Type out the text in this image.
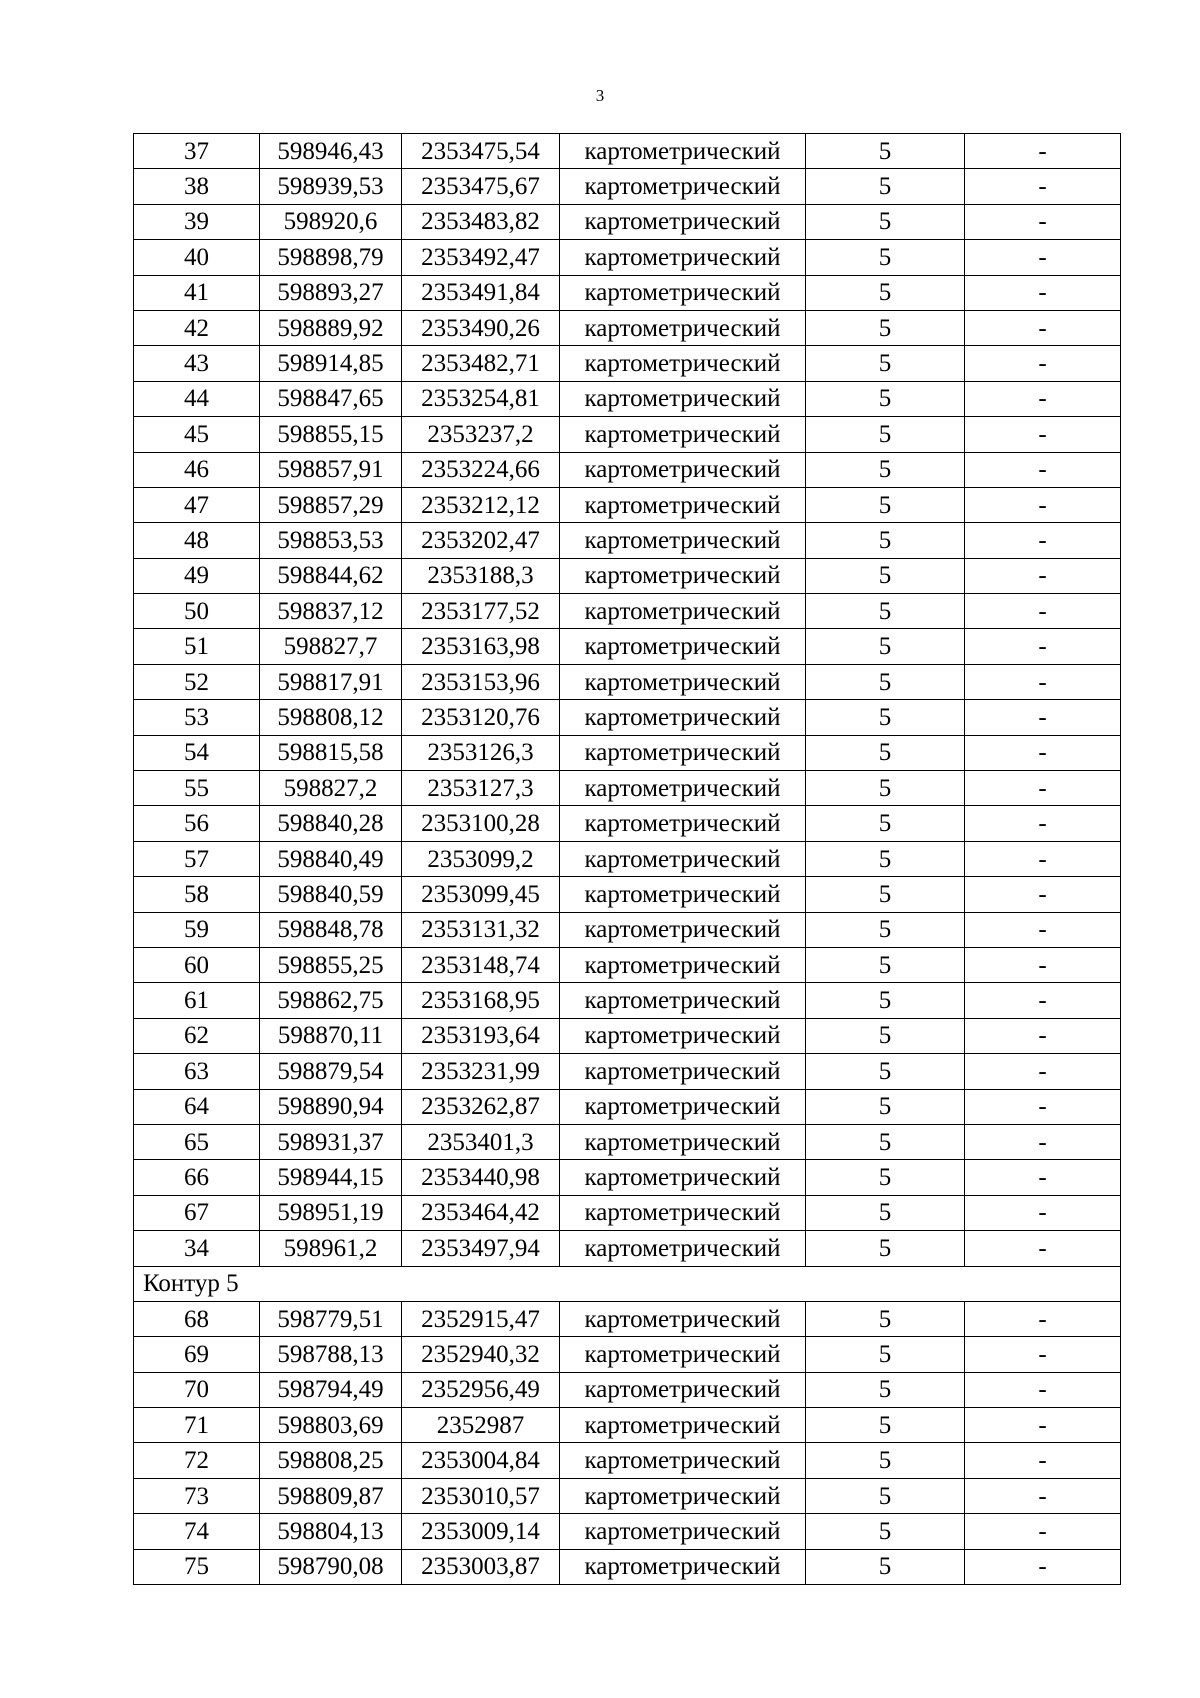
3
37	598946,43	2353475,54	картометрический	5	-
38	598939,53	2353475,67	картометрический	5	-
39	598920,6	2353483,82	картометрический	5	-
40	598898,79	2353492,47	картометрический	5	-
41	598893,27	2353491,84	картометрический	5	-
42	598889,92	2353490,26	картометрический	5	-
43	598914,85	2353482,71	картометрический	5	-
44	598847,65	2353254,81	картометрический	5	-
45	598855,15	2353237,2	картометрический	5	-
46	598857,91	2353224,66	картометрический	5	-
47	598857,29	2353212,12	картометрический	5	-
48	598853,53	2353202,47	картометрический	5	-
49	598844,62	2353188,3	картометрический	5	-
50	598837,12	2353177,52	картометрический	5	-
51	598827,7	2353163,98	картометрический	5	-
52	598817,91	2353153,96	картометрический	5	-
53	598808,12	2353120,76	картометрический	5	-
54	598815,58	2353126,3	картометрический	5	-
55	598827,2	2353127,3	картометрический	5	-
56	598840,28	2353100,28	картометрический	5	-
57	598840,49	2353099,2	картометрический	5	-
58	598840,59	2353099,45	картометрический	5	-
59	598848,78	2353131,32	картометрический	5	-
60	598855,25	2353148,74	картометрический	5	-
61	598862,75	2353168,95	картометрический	5	-
62	598870,11	2353193,64	картометрический	5	-
63	598879,54	2353231,99	картометрический	5	-
64	598890,94	2353262,87	картометрический	5	-
65	598931,37	2353401,3	картометрический	5	-
66	598944,15	2353440,98	картометрический	5	-
67	598951,19	2353464,42	картометрический	5	-
34	598961,2	2353497,94	картометрический	5	-
Контур 5					
68	598779,51	2352915,47	картометрический	5	-
69	598788,13	2352940,32	картометрический	5	-
70	598794,49	2352956,49	картометрический	5	-
71	598803,69	2352987	картометрический	5	-
72	598808,25	2353004,84	картометрический	5	-
73	598809,87	2353010,57	картометрический	5	-
74	598804,13	2353009,14	картометрический	5	-
75	598790,08	2353003,87	картометрический	5	-
